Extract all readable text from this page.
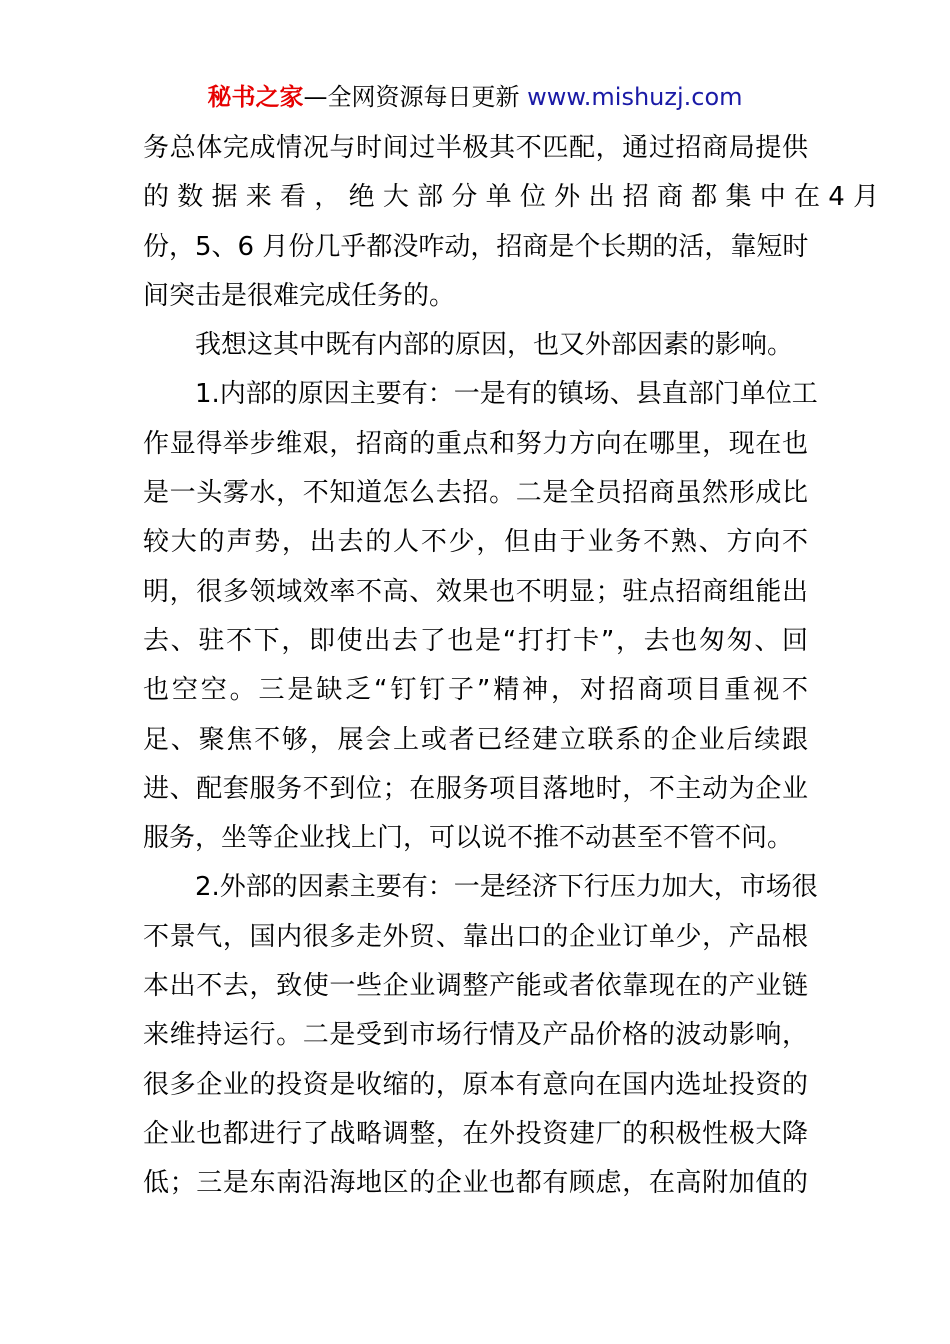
秘书之家—全网资源每日更新 www.mishuzj.com
务总体完成情况与时间过半极其不匹配，通过招商局提供
的 数 据 来 看 ， 绝 大 部 分 单 位 外 出 招 商 都 集 中 在 4 月
份，5、6 月份几乎都没咋动，招商是个长期的活，靠短时
间突击是很难完成任务的。
我想这其中既有内部的原因，也又外部因素的影响。
1.内部的原因主要有：一是有的镇场、县直部门单位工
作显得举步维艰，招商的重点和努力方向在哪里，现在也
是一头雾水，不知道怎么去招。二是全员招商虽然形成比
较大的声势，出去的人不少，但由于业务不熟、方向不
明，很多领域效率不高、效果也不明显；驻点招商组能出
去、驻不下，即使出去了也是“打打卡”，去也匆匆、回
也空空。三是缺乏“钉钉子”精神，对招商项目重视不
足、聚焦不够，展会上或者已经建立联系的企业后续跟
进、配套服务不到位；在服务项目落地时，不主动为企业
服务，坐等企业找上门，可以说不推不动甚至不管不问。
2.外部的因素主要有：一是经济下行压力加大，市场很
不景气，国内很多走外贸、靠出口的企业订单少，产品根
本出不去，致使一些企业调整产能或者依靠现在的产业链
来维持运行。二是受到市场行情及产品价格的波动影响，
很多企业的投资是收缩的，原本有意向在国内选址投资的
企业也都进行了战略调整，在外投资建厂的积极性极大降
低；三是东南沿海地区的企业也都有顾虑，在高附加值的
